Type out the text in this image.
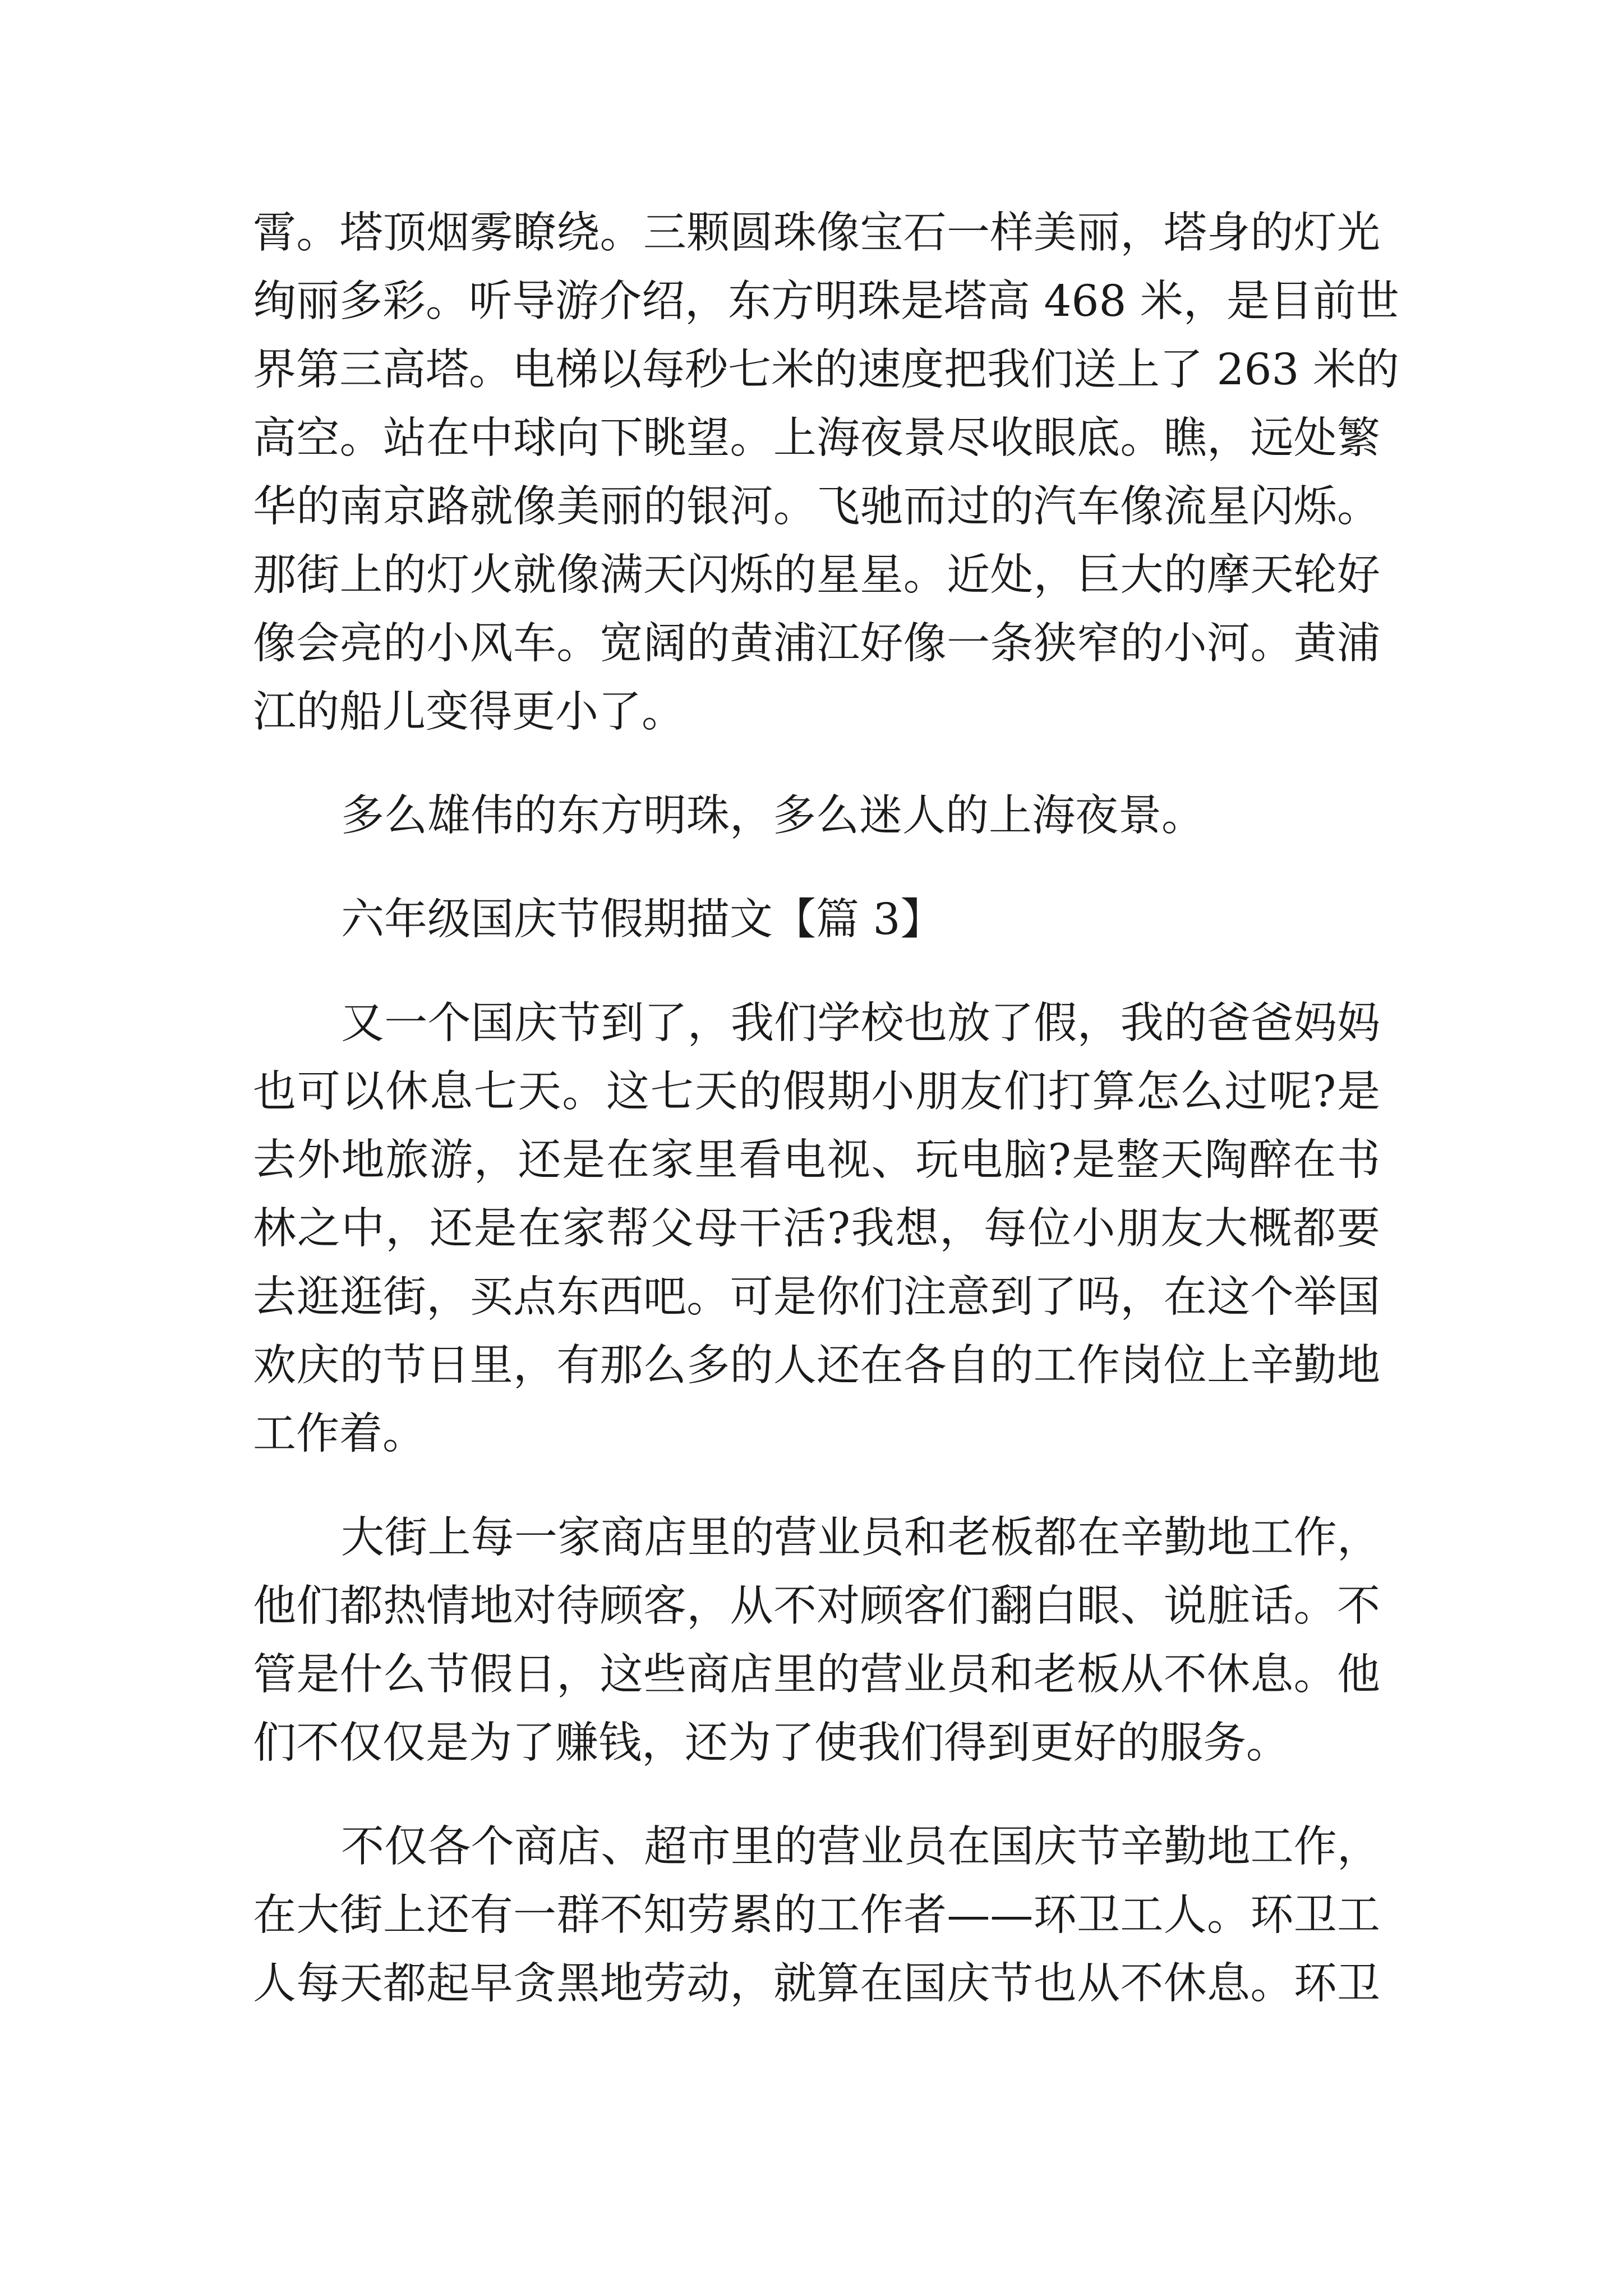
霄。塔顶烟雾瞭绕。三颗圆珠像宝石一样美丽，塔身的灯光
绚丽多彩。听导游介绍，东方明珠是塔高 468 米，是目前世
界第三高塔。电梯以每秒七米的速度把我们送上了 263 米的
高空。站在中球向下眺望。上海夜景尽收眼底。瞧，远处繁
华的南京路就像美丽的银河。飞驰而过的汽车像流星闪烁。
那街上的灯火就像满天闪烁的星星。近处，巨大的摩天轮好
像会亮的小风车。宽阔的黄浦江好像一条狭窄的小河。黄浦
江的船儿变得更小了。
多么雄伟的东方明珠，多么迷人的上海夜景。
六年级国庆节假期描文【篇 3】
又一个国庆节到了，我们学校也放了假，我的爸爸妈妈
也可以休息七天。这七天的假期小朋友们打算怎么过呢?是
去外地旅游，还是在家里看电视、玩电脑?是整天陶醉在书
林之中，还是在家帮父母干活?我想，每位小朋友大概都要
去逛逛街，买点东西吧。可是你们注意到了吗，在这个举国
欢庆的节日里，有那么多的人还在各自的工作岗位上辛勤地
工作着。
大街上每一家商店里的营业员和老板都在辛勤地工作，
他们都热情地对待顾客，从不对顾客们翻白眼、说脏话。不
管是什么节假日，这些商店里的营业员和老板从不休息。他
们不仅仅是为了赚钱，还为了使我们得到更好的服务。
不仅各个商店、超市里的营业员在国庆节辛勤地工作，
在大街上还有一群不知劳累的工作者——环卫工人。环卫工
人每天都起早贪黑地劳动，就算在国庆节也从不休息。环卫
